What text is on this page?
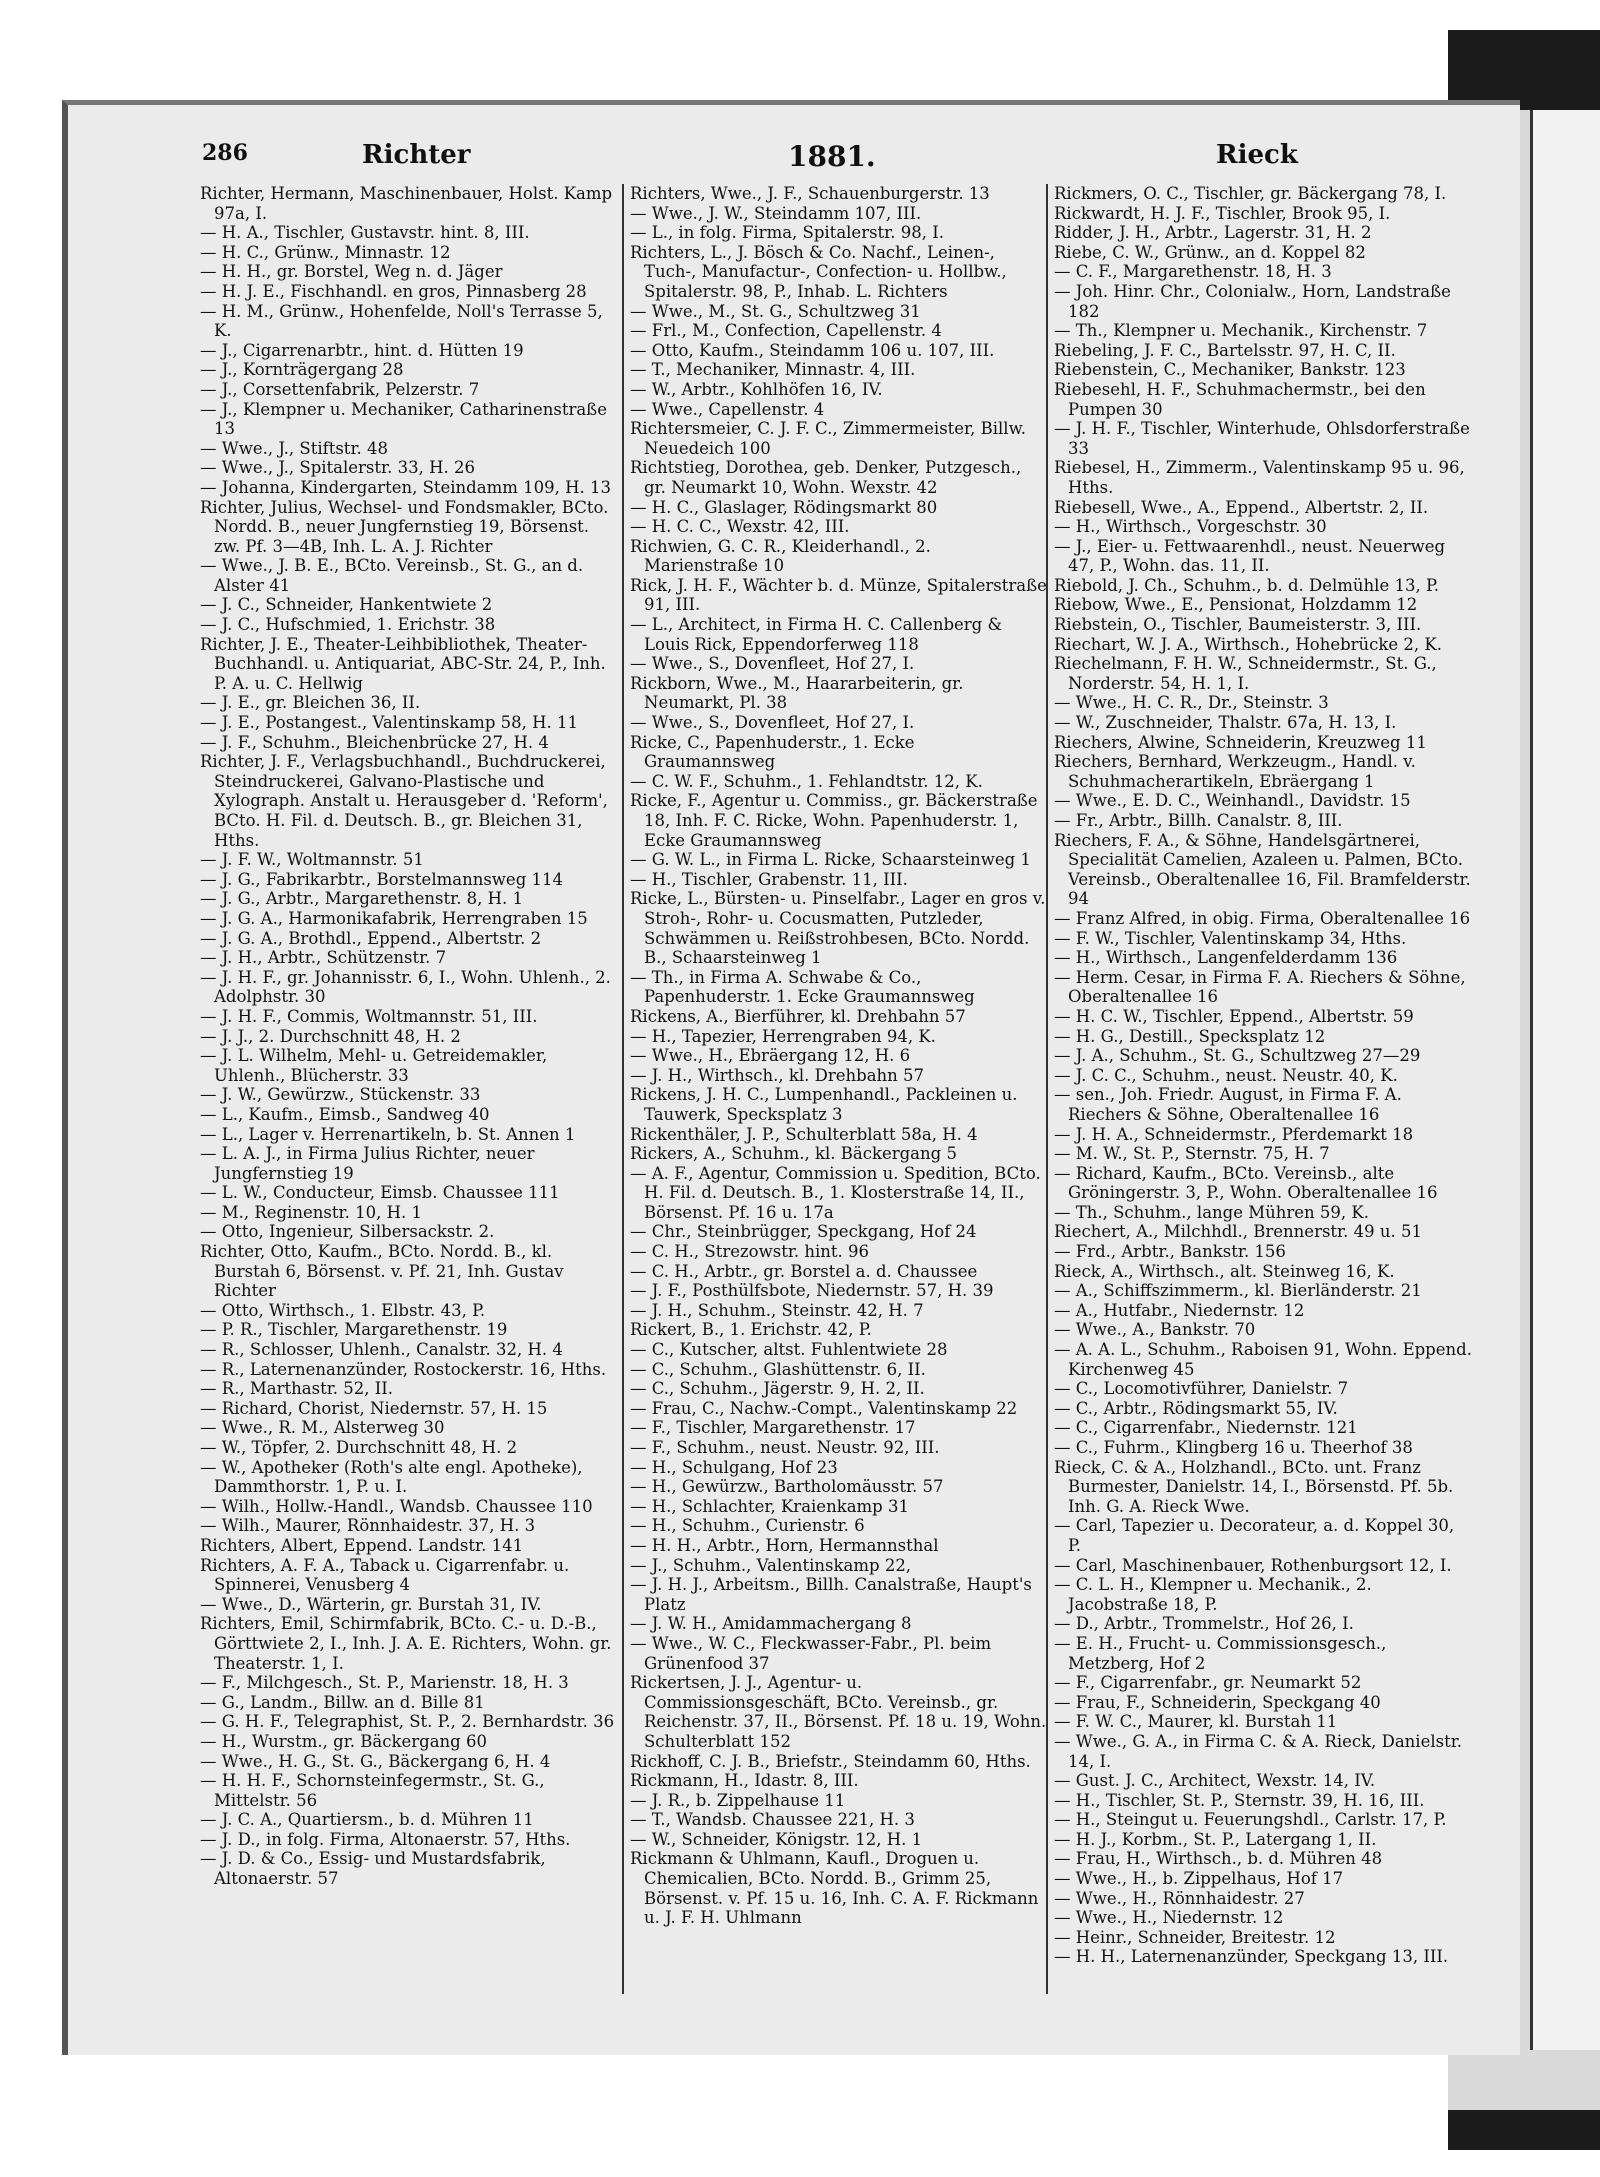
286	Richter	1881.	Rieck

Richter, Hermann, Maschinenbauer, Holst. Kamp 97a, I.

— H. A., Tischler, Gustavstr. hint. 8, III.

— H. C., Grünw., Minnastr. 12

— H. H., gr. Borstel, Weg n. d. Jäger

— H. J. E., Fischhandl. en gros, Pinnasberg 28

— H. M., Grünw., Hohenfelde, Noll's Terrasse 5, K.

— J., Cigarrenarbtr., hint. d. Hütten 19

— J., Kornträgergang 28

— J., Corsettenfabrik, Pelzerstr. 7

— J., Klempner u. Mechaniker, Catharinenstraße 13

— Wwe., J., Stiftstr. 48

— Wwe., J., Spitalerstr. 33, H. 26

— Johanna, Kindergarten, Steindamm 109, H. 13

Richter, Julius, Wechsel- und Fondsmakler, BCto. Nordd. B., neuer Jungfernstieg 19, Börsenst. zw. Pf. 3—4B, Inh. L. A. J. Richter

— Wwe., J. B. E., BCto. Vereinsb., St. G., an d. Alster 41

— J. C., Schneider, Hankentwiete 2

— J. C., Hufschmied, 1. Erichstr. 38

Richter, J. E., Theater-Leihbibliothek, Theater-Buchhandl. u. Antiquariat, ABC-Str. 24, P., Inh. P. A. u. C. Hellwig

— J. E., gr. Bleichen 36, II.

— J. E., Postangest., Valentinskamp 58, H. 11

— J. F., Schuhm., Bleichenbrücke 27, H. 4

Richter, J. F., Verlagsbuchhandl., Buchdruckerei, Steindruckerei, Galvano-Plastische und Xylograph. Anstalt u. Herausgeber d. 'Reform', BCto. H. Fil. d. Deutsch. B., gr. Bleichen 31, Hths.

— J. F. W., Woltmannstr. 51

— J. G., Fabrikarbtr., Borstelmannsweg 114

— J. G., Arbtr., Margarethenstr. 8, H. 1

— J. G. A., Harmonikafabrik, Herrengraben 15

— J. G. A., Brothdl., Eppend., Albertstr. 2

— J. H., Arbtr., Schützenstr. 7

— J. H. F., gr. Johannisstr. 6, I., Wohn. Uhlenh., 2. Adolphstr. 30

— J. H. F., Commis, Woltmannstr. 51, III.

— J. J., 2. Durchschnitt 48, H. 2

— J. L. Wilhelm, Mehl- u. Getreidemakler, Uhlenh., Blücherstr. 33

— J. W., Gewürzw., Stückenstr. 33

— L., Kaufm., Eimsb., Sandweg 40

— L., Lager v. Herrenartikeln, b. St. Annen 1

— L. A. J., in Firma Julius Richter, neuer Jungfernstieg 19

— L. W., Conducteur, Eimsb. Chaussee 111

— M., Reginenstr. 10, H. 1

— Otto, Ingenieur, Silbersackstr. 2.

Richter, Otto, Kaufm., BCto. Nordd. B., kl. Burstah 6, Börsenst. v. Pf. 21, Inh. Gustav Richter

— Otto, Wirthsch., 1. Elbstr. 43, P.

— P. R., Tischler, Margarethenstr. 19

— R., Schlosser, Uhlenh., Canalstr. 32, H. 4

— R., Laternenanzünder, Rostockerstr. 16, Hths.

— R., Marthastr. 52, II.

— Richard, Chorist, Niedernstr. 57, H. 15

— Wwe., R. M., Alsterweg 30

— W., Töpfer, 2. Durchschnitt 48, H. 2

— W., Apotheker (Roth's alte engl. Apotheke), Dammthorstr. 1, P. u. I.

— Wilh., Hollw.-Handl., Wandsb. Chaussee 110

— Wilh., Maurer, Rönnhaidestr. 37, H. 3

Richters, Albert, Eppend. Landstr. 141

Richters, A. F. A., Taback u. Cigarrenfabr. u. Spinnerei, Venusberg 4

— Wwe., D., Wärterin, gr. Burstah 31, IV.

Richters, Emil, Schirmfabrik, BCto. C.- u. D.-B., Görttwiete 2, I., Inh. J. A. E. Richters, Wohn. gr. Theaterstr. 1, I.

— F., Milchgesch., St. P., Marienstr. 18, H. 3

— G., Landm., Billw. an d. Bille 81

— G. H. F., Telegraphist, St. P., 2. Bernhardstr. 36

— H., Wurstm., gr. Bäckergang 60

— Wwe., H. G., St. G., Bäckergang 6, H. 4

— H. H. F., Schornsteinfegermstr., St. G., Mittelstr. 56

— J. C. A., Quartiersm., b. d. Mühren 11

— J. D., in folg. Firma, Altonaerstr. 57, Hths.

— J. D. & Co., Essig- und Mustardsfabrik, Altonaerstr. 57

Richters, Wwe., J. F., Schauenburgerstr. 13

— Wwe., J. W., Steindamm 107, III.

— L., in folg. Firma, Spitalerstr. 98, I.

Richters, L., J. Bösch & Co. Nachf., Leinen-, Tuch-, Manufactur-, Confection- u. Hollbw., Spitalerstr. 98, P., Inhab. L. Richters

— Wwe., M., St. G., Schultzweg 31

— Frl., M., Confection, Capellenstr. 4

— Otto, Kaufm., Steindamm 106 u. 107, III.

— T., Mechaniker, Minnastr. 4, III.

— W., Arbtr., Kohlhöfen 16, IV.

— Wwe., Capellenstr. 4

Richtersmeier, C. J. F. C., Zimmermeister, Billw. Neuedeich 100

Richtstieg, Dorothea, geb. Denker, Putzgesch., gr. Neumarkt 10, Wohn. Wexstr. 42

— H. C., Glaslager, Rödingsmarkt 80

— H. C. C., Wexstr. 42, III.

Richwien, G. C. R., Kleiderhandl., 2. Marienstraße 10

Rick, J. H. F., Wächter b. d. Münze, Spitalerstraße 91, III.

— L., Architect, in Firma H. C. Callenberg & Louis Rick, Eppendorferweg 118

— Wwe., S., Dovenfleet, Hof 27, I.

Rickborn, Wwe., M., Haararbeiterin, gr. Neumarkt, Pl. 38

— Wwe., S., Dovenfleet, Hof 27, I.

Ricke, C., Papenhuderstr., 1. Ecke Graumannsweg

— C. W. F., Schuhm., 1. Fehlandtstr. 12, K.

Ricke, F., Agentur u. Commiss., gr. Bäckerstraße 18, Inh. F. C. Ricke, Wohn. Papenhuderstr. 1, Ecke Graumannsweg

— G. W. L., in Firma L. Ricke, Schaarsteinweg 1

— H., Tischler, Grabenstr. 11, III.

Ricke, L., Bürsten- u. Pinselfabr., Lager en gros v. Stroh-, Rohr- u. Cocusmatten, Putzleder, Schwämmen u. Reißstrohbesen, BCto. Nordd. B., Schaarsteinweg 1

— Th., in Firma A. Schwabe & Co., Papenhuderstr. 1. Ecke Graumannsweg

Rickens, A., Bierführer, kl. Drehbahn 57

— H., Tapezier, Herrengraben 94, K.

— Wwe., H., Ebräergang 12, H. 6

— J. H., Wirthsch., kl. Drehbahn 57

Rickens, J. H. C., Lumpenhandl., Packleinen u. Tauwerk, Specksplatz 3

Rickenthäler, J. P., Schulterblatt 58a, H. 4

Rickers, A., Schuhm., kl. Bäckergang 5

— A. F., Agentur, Commission u. Spedition, BCto. H. Fil. d. Deutsch. B., 1. Klosterstraße 14, II., Börsenst. Pf. 16 u. 17a

— Chr., Steinbrügger, Speckgang, Hof 24

— C. H., Strezowstr. hint. 96

— C. H., Arbtr., gr. Borstel a. d. Chaussee

— J. F., Posthülfsbote, Niedernstr. 57, H. 39

— J. H., Schuhm., Steinstr. 42, H. 7

Rickert, B., 1. Erichstr. 42, P.

— C., Kutscher, altst. Fuhlentwiete 28

— C., Schuhm., Glashüttenstr. 6, II.

— C., Schuhm., Jägerstr. 9, H. 2, II.

— Frau, C., Nachw.-Compt., Valentinskamp 22

— F., Tischler, Margarethenstr. 17

— F., Schuhm., neust. Neustr. 92, III.

— H., Schulgang, Hof 23

— H., Gewürzw., Bartholomäusstr. 57

— H., Schlachter, Kraienkamp 31

— H., Schuhm., Curienstr. 6

— H. H., Arbtr., Horn, Hermannsthal

— J., Schuhm., Valentinskamp 22,

— J. H. J., Arbeitsm., Billh. Canalstraße, Haupt's Platz

— J. W. H., Amidammachergang 8

— Wwe., W. C., Fleckwasser-Fabr., Pl. beim Grünenfood 37

Rickertsen, J. J., Agentur- u. Commissionsgeschäft, BCto. Vereinsb., gr. Reichenstr. 37, II., Börsenst. Pf. 18 u. 19, Wohn. Schulterblatt 152

Rickhoff, C. J. B., Briefstr., Steindamm 60, Hths.

Rickmann, H., Idastr. 8, III.

— J. R., b. Zippelhause 11

— T., Wandsb. Chaussee 221, H. 3

— W., Schneider, Königstr. 12, H. 1

Rickmann & Uhlmann, Kaufl., Droguen u. Chemicalien, BCto. Nordd. B., Grimm 25, Börsenst. v. Pf. 15 u. 16, Inh. C. A. F. Rickmann u. J. F. H. Uhlmann

Rickmers, O. C., Tischler, gr. Bäckergang 78, I.

Rickwardt, H. J. F., Tischler, Brook 95, I.

Ridder, J. H., Arbtr., Lagerstr. 31, H. 2

Riebe, C. W., Grünw., an d. Koppel 82

— C. F., Margarethenstr. 18, H. 3

— Joh. Hinr. Chr., Colonialw., Horn, Landstraße 182

— Th., Klempner u. Mechanik., Kirchenstr. 7

Riebeling, J. F. C., Bartelsstr. 97, H. C, II.

Riebenstein, C., Mechaniker, Bankstr. 123

Riebesehl, H. F., Schuhmachermstr., bei den Pumpen 30

— J. H. F., Tischler, Winterhude, Ohlsdorferstraße 33

Riebesel, H., Zimmerm., Valentinskamp 95 u. 96, Hths.

Riebesell, Wwe., A., Eppend., Albertstr. 2, II.

— H., Wirthsch., Vorgeschstr. 30

— J., Eier- u. Fettwaarenhdl., neust. Neuerweg 47, P., Wohn. das. 11, II.

Riebold, J. Ch., Schuhm., b. d. Delmühle 13, P.

Riebow, Wwe., E., Pensionat, Holzdamm 12

Riebstein, O., Tischler, Baumeisterstr. 3, III.

Riechart, W. J. A., Wirthsch., Hohebrücke 2, K.

Riechelmann, F. H. W., Schneidermstr., St. G., Norderstr. 54, H. 1, I.

— Wwe., H. C. R., Dr., Steinstr. 3

— W., Zuschneider, Thalstr. 67a, H. 13, I.

Riechers, Alwine, Schneiderin, Kreuzweg 11

Riechers, Bernhard, Werkzeugm., Handl. v. Schuhmacherartikeln, Ebräergang 1

— Wwe., E. D. C., Weinhandl., Davidstr. 15

— Fr., Arbtr., Billh. Canalstr. 8, III.

Riechers, F. A., & Söhne, Handelsgärtnerei, Specialität Camelien, Azaleen u. Palmen, BCto. Vereinsb., Oberaltenallee 16, Fil. Bramfelderstr. 94

— Franz Alfred, in obig. Firma, Oberaltenallee 16

— F. W., Tischler, Valentinskamp 34, Hths.

— H., Wirthsch., Langenfelderdamm 136

— Herm. Cesar, in Firma F. A. Riechers & Söhne, Oberaltenallee 16

— H. C. W., Tischler, Eppend., Albertstr. 59

— H. G., Destill., Specksplatz 12

— J. A., Schuhm., St. G., Schultzweg 27—29

— J. C. C., Schuhm., neust. Neustr. 40, K.

— sen., Joh. Friedr. August, in Firma F. A. Riechers & Söhne, Oberaltenallee 16

— J. H. A., Schneidermstr., Pferdemarkt 18

— M. W., St. P., Sternstr. 75, H. 7

— Richard, Kaufm., BCto. Vereinsb., alte Gröningerstr. 3, P., Wohn. Oberaltenallee 16

— Th., Schuhm., lange Mühren 59, K.

Riechert, A., Milchhdl., Brennerstr. 49 u. 51

— Frd., Arbtr., Bankstr. 156

Rieck, A., Wirthsch., alt. Steinweg 16, K.

— A., Schiffszimmerm., kl. Bierländerstr. 21

— A., Hutfabr., Niedernstr. 12

— Wwe., A., Bankstr. 70

— A. A. L., Schuhm., Raboisen 91, Wohn. Eppend. Kirchenweg 45

— C., Locomotivführer, Danielstr. 7

— C., Arbtr., Rödingsmarkt 55, IV.

— C., Cigarrenfabr., Niedernstr. 121

— C., Fuhrm., Klingberg 16 u. Theerhof 38

Rieck, C. & A., Holzhandl., BCto. unt. Franz Burmester, Danielstr. 14, I., Börsenstd. Pf. 5b. Inh. G. A. Rieck Wwe.

— Carl, Tapezier u. Decorateur, a. d. Koppel 30, P.

— Carl, Maschinenbauer, Rothenburgsort 12, I.

— C. L. H., Klempner u. Mechanik., 2. Jacobstraße 18, P.

— D., Arbtr., Trommelstr., Hof 26, I.

— E. H., Frucht- u. Commissionsgesch., Metzberg, Hof 2

— F., Cigarrenfabr., gr. Neumarkt 52

— Frau, F., Schneiderin, Speckgang 40

— F. W. C., Maurer, kl. Burstah 11

— Wwe., G. A., in Firma C. & A. Rieck, Danielstr. 14, I.

— Gust. J. C., Architect, Wexstr. 14, IV.

— H., Tischler, St. P., Sternstr. 39, H. 16, III.

— H., Steingut u. Feuerungshdl., Carlstr. 17, P.

— H. J., Korbm., St. P., Latergang 1, II.

— Frau, H., Wirthsch., b. d. Mühren 48

— Wwe., H., b. Zippelhaus, Hof 17

— Wwe., H., Rönnhaidestr. 27

— Wwe., H., Niedernstr. 12

— Heinr., Schneider, Breitestr. 12

— H. H., Laternenanzünder, Speckgang 13, III.
